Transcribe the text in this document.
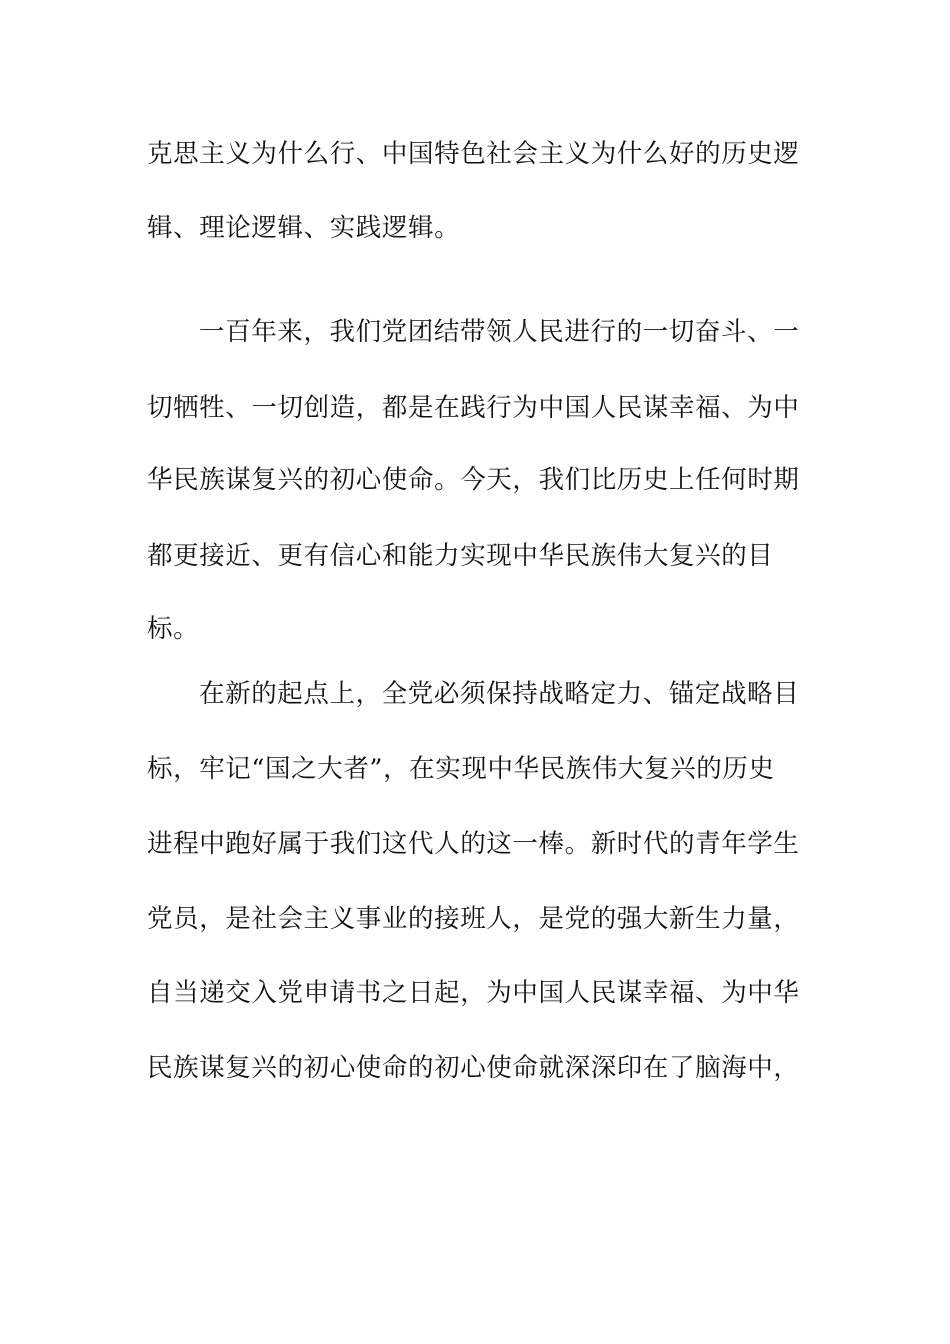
克思主义为什么行、中国特色社会主义为什么好的历史逻
辑、理论逻辑、实践逻辑。
一百年来，我们党团结带领人民进行的一切奋斗、一
切牺牲、一切创造，都是在践行为中国人民谋幸福、为中
华民族谋复兴的初心使命。今天，我们比历史上任何时期
都更接近、更有信心和能力实现中华民族伟大复兴的目
标。
在新的起点上，全党必须保持战略定力、锚定战略目
标，牢记“国之大者”，在实现中华民族伟大复兴的历史
进程中跑好属于我们这代人的这一棒。新时代的青年学生
党员，是社会主义事业的接班人，是党的强大新生力量，
自当递交入党申请书之日起，为中国人民谋幸福、为中华
民族谋复兴的初心使命的初心使命就深深印在了脑海中，
